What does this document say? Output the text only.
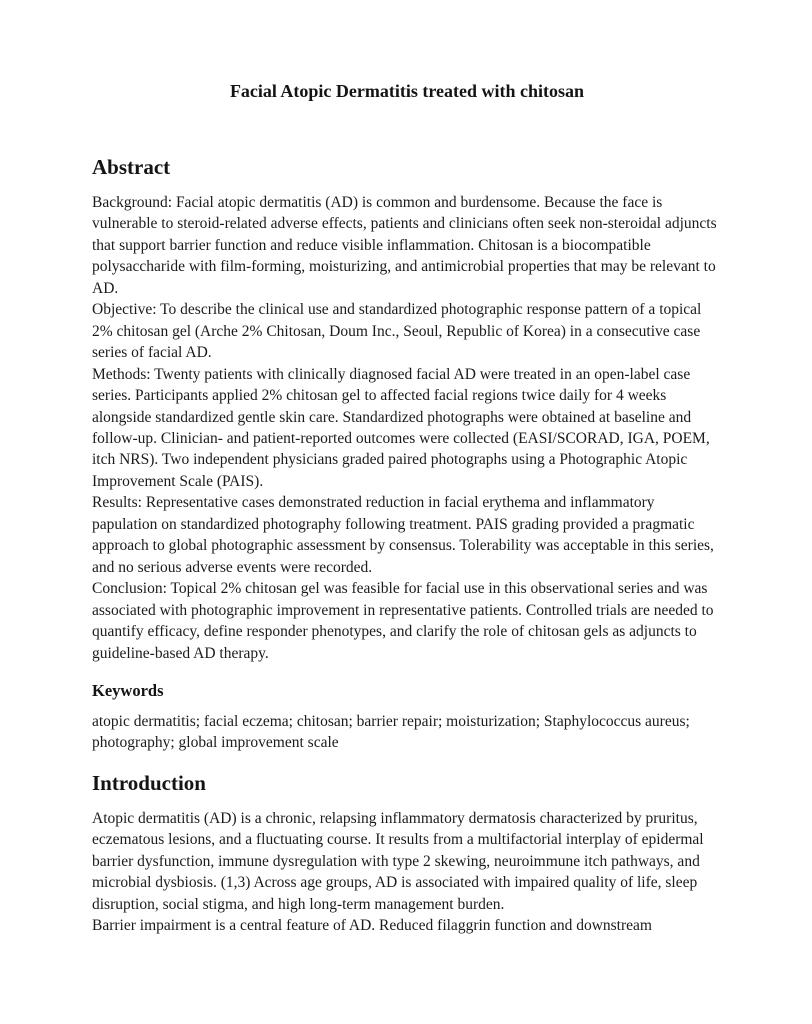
Facial Atopic Dermatitis treated with chitosan
Abstract

Background: Facial atopic dermatitis (AD) is common and burdensome. Because the face is vulnerable to steroid-related adverse effects, patients and clinicians often seek non-steroidal adjuncts that support barrier function and reduce visible inflammation. Chitosan is a biocompatible polysaccharide with film-forming, moisturizing, and antimicrobial properties that may be relevant to AD.

Objective: To describe the clinical use and standardized photographic response pattern of a topical 2% chitosan gel (Arche 2% Chitosan, Doum Inc., Seoul, Republic of Korea) in a consecutive case series of facial AD.

Methods: Twenty patients with clinically diagnosed facial AD were treated in an open-label case series. Participants applied 2% chitosan gel to affected facial regions twice daily for 4 weeks alongside standardized gentle skin care. Standardized photographs were obtained at baseline and follow-up. Clinician- and patient-reported outcomes were collected (EASI/SCORAD, IGA, POEM, itch NRS). Two independent physicians graded paired photographs using a Photographic Atopic Improvement Scale (PAIS).

Results: Representative cases demonstrated reduction in facial erythema and inflammatory papulation on standardized photography following treatment. PAIS grading provided a pragmatic approach to global photographic assessment by consensus. Tolerability was acceptable in this series, and no serious adverse events were recorded.

Conclusion: Topical 2% chitosan gel was feasible for facial use in this observational series and was associated with photographic improvement in representative patients. Controlled trials are needed to quantify efficacy, define responder phenotypes, and clarify the role of chitosan gels as adjuncts to guideline-based AD therapy.

Keywords

atopic dermatitis; facial eczema; chitosan; barrier repair; moisturization; Staphylococcus aureus; photography; global improvement scale

Introduction

Atopic dermatitis (AD) is a chronic, relapsing inflammatory dermatosis characterized by pruritus, eczematous lesions, and a fluctuating course. It results from a multifactorial interplay of epidermal barrier dysfunction, immune dysregulation with type 2 skewing, neuroimmune itch pathways, and microbial dysbiosis. (1,3) Across age groups, AD is associated with impaired quality of life, sleep disruption, social stigma, and high long-term management burden.

Barrier impairment is a central feature of AD. Reduced filaggrin function and downstream
